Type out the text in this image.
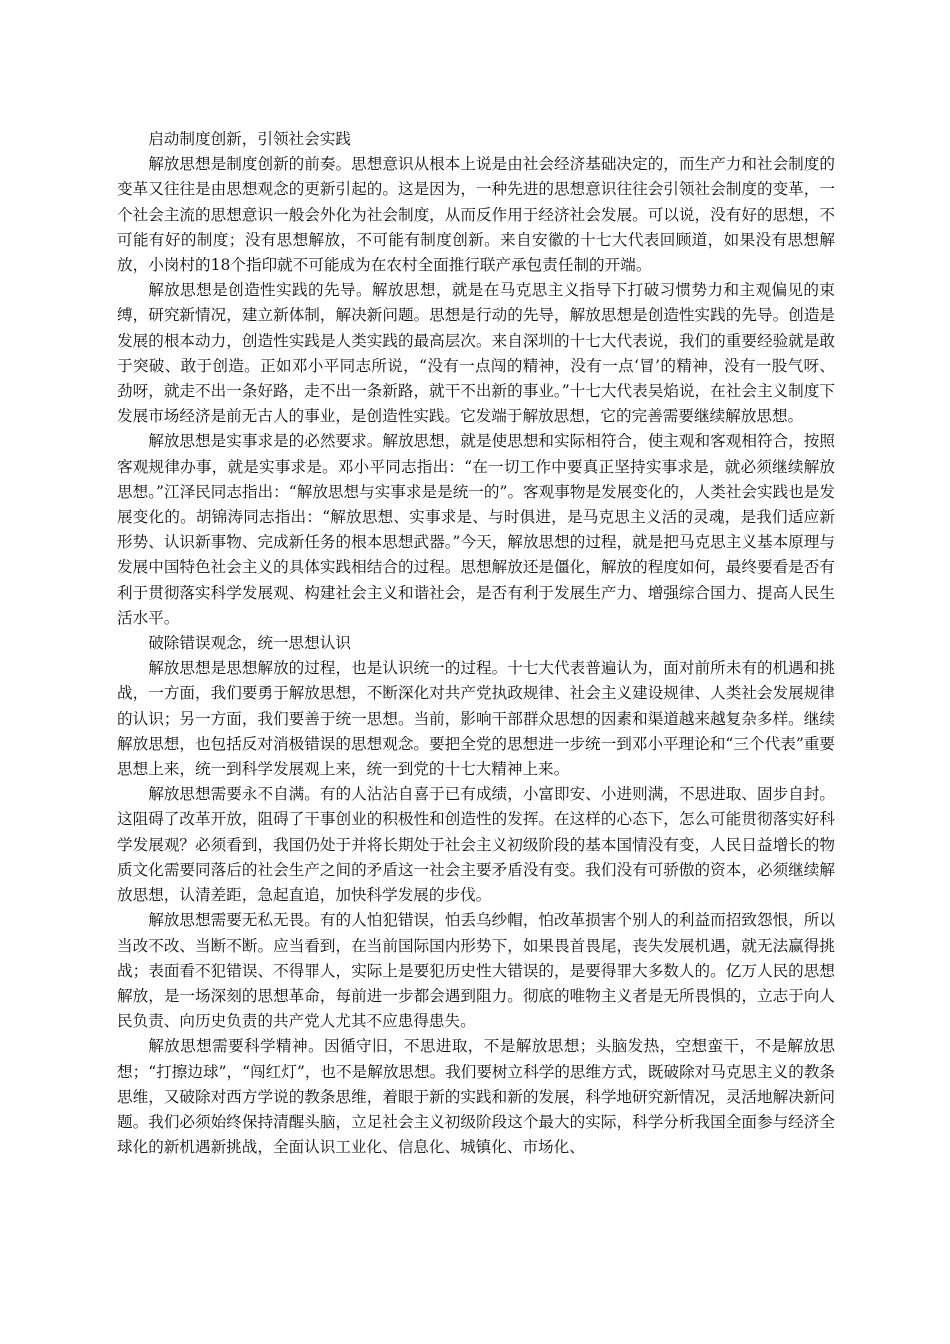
启动制度创新，引领社会实践

解放思想是制度创新的前奏。思想意识从根本上说是由社会经济基础决定的，而生产力和社会制度的变革又往往是由思想观念的更新引起的。这是因为，一种先进的思想意识往往会引领社会制度的变革，一个社会主流的思想意识一般会外化为社会制度，从而反作用于经济社会发展。可以说，没有好的思想，不可能有好的制度；没有思想解放，不可能有制度创新。来自安徽的十七大代表回顾道，如果没有思想解放，小岗村的18个指印就不可能成为在农村全面推行联产承包责任制的开端。

解放思想是创造性实践的先导。解放思想，就是在马克思主义指导下打破习惯势力和主观偏见的束缚，研究新情况，建立新体制，解决新问题。思想是行动的先导，解放思想是创造性实践的先导。创造是发展的根本动力，创造性实践是人类实践的最高层次。来自深圳的十七大代表说，我们的重要经验就是敢于突破、敢于创造。正如邓小平同志所说，“没有一点闯的精神，没有一点‘冒’的精神，没有一股气呀、劲呀，就走不出一条好路，走不出一条新路，就干不出新的事业。”十七大代表吴焰说，在社会主义制度下发展市场经济是前无古人的事业，是创造性实践。它发端于解放思想，它的完善需要继续解放思想。

解放思想是实事求是的必然要求。解放思想，就是使思想和实际相符合，使主观和客观相符合，按照客观规律办事，就是实事求是。邓小平同志指出：“在一切工作中要真正坚持实事求是，就必须继续解放思想。”江泽民同志指出：“解放思想与实事求是是统一的”。客观事物是发展变化的，人类社会实践也是发展变化的。胡锦涛同志指出：“解放思想、实事求是、与时俱进，是马克思主义活的灵魂，是我们适应新形势、认识新事物、完成新任务的根本思想武器。”今天，解放思想的过程，就是把马克思主义基本原理与发展中国特色社会主义的具体实践相结合的过程。思想解放还是僵化，解放的程度如何，最终要看是否有利于贯彻落实科学发展观、构建社会主义和谐社会，是否有利于发展生产力、增强综合国力、提高人民生活水平。

破除错误观念，统一思想认识

解放思想是思想解放的过程，也是认识统一的过程。十七大代表普遍认为，面对前所未有的机遇和挑战，一方面，我们要勇于解放思想，不断深化对共产党执政规律、社会主义建设规律、人类社会发展规律的认识；另一方面，我们要善于统一思想。当前，影响干部群众思想的因素和渠道越来越复杂多样。继续解放思想，也包括反对消极错误的思想观念。要把全党的思想进一步统一到邓小平理论和“三个代表”重要思想上来，统一到科学发展观上来，统一到党的十七大精神上来。

解放思想需要永不自满。有的人沾沾自喜于已有成绩，小富即安、小进则满，不思进取、固步自封。这阻碍了改革开放，阻碍了干事创业的积极性和创造性的发挥。在这样的心态下，怎么可能贯彻落实好科学发展观？必须看到，我国仍处于并将长期处于社会主义初级阶段的基本国情没有变，人民日益增长的物质文化需要同落后的社会生产之间的矛盾这一社会主要矛盾没有变。我们没有可骄傲的资本，必须继续解放思想，认清差距，急起直追，加快科学发展的步伐。

解放思想需要无私无畏。有的人怕犯错误，怕丢乌纱帽，怕改革损害个别人的利益而招致怨恨，所以当改不改、当断不断。应当看到，在当前国际国内形势下，如果畏首畏尾，丧失发展机遇，就无法赢得挑战；表面看不犯错误、不得罪人，实际上是要犯历史性大错误的，是要得罪大多数人的。亿万人民的思想解放，是一场深刻的思想革命，每前进一步都会遇到阻力。彻底的唯物主义者是无所畏惧的，立志于向人民负责、向历史负责的共产党人尤其不应患得患失。

解放思想需要科学精神。因循守旧，不思进取，不是解放思想；头脑发热，空想蛮干，不是解放思想；“打擦边球”，“闯红灯”，也不是解放思想。我们要树立科学的思维方式，既破除对马克思主义的教条思维，又破除对西方学说的教条思维，着眼于新的实践和新的发展，科学地研究新情况，灵活地解决新问题。我们必须始终保持清醒头脑，立足社会主义初级阶段这个最大的实际，科学分析我国全面参与经济全球化的新机遇新挑战，全面认识工业化、信息化、城镇化、市场化、
